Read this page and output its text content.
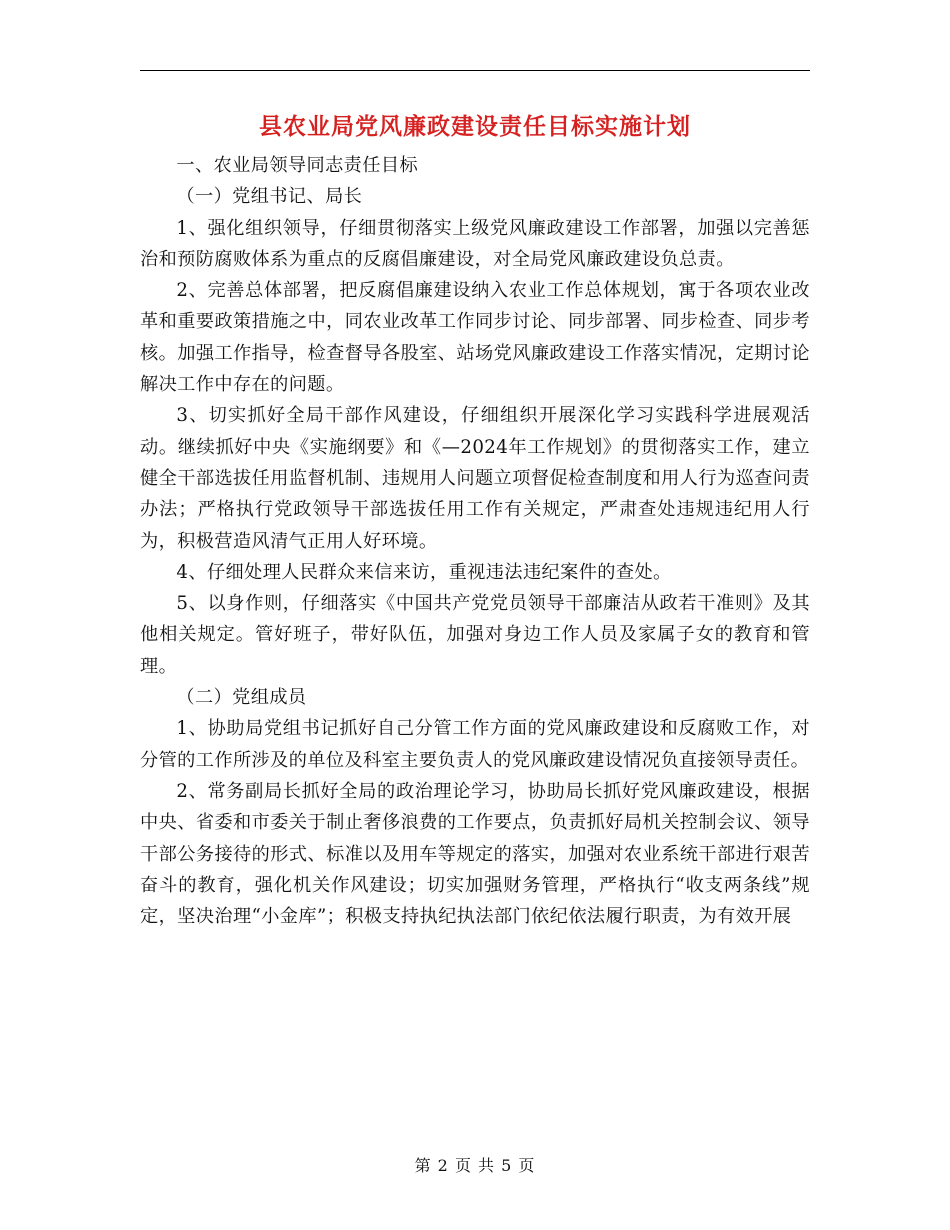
县农业局党风廉政建设责任目标实施计划

一、农业局领导同志责任目标

（一）党组书记、局长

1、强化组织领导，仔细贯彻落实上级党风廉政建设工作部署，加强以完善惩治和预防腐败体系为重点的反腐倡廉建设，对全局党风廉政建设负总责。

2、完善总体部署，把反腐倡廉建设纳入农业工作总体规划，寓于各项农业改革和重要政策措施之中，同农业改革工作同步讨论、同步部署、同步检查、同步考核。加强工作指导，检查督导各股室、站场党风廉政建设工作落实情况，定期讨论解决工作中存在的问题。

3、切实抓好全局干部作风建设，仔细组织开展深化学习实践科学进展观活动。继续抓好中央《实施纲要》和《—2024年工作规划》的贯彻落实工作，建立健全干部选拔任用监督机制、违规用人问题立项督促检查制度和用人行为巡查问责办法；严格执行党政领导干部选拔任用工作有关规定，严肃查处违规违纪用人行为，积极营造风清气正用人好环境。

4、仔细处理人民群众来信来访，重视违法违纪案件的查处。

5、以身作则，仔细落实《中国共产党党员领导干部廉洁从政若干准则》及其他相关规定。管好班子，带好队伍，加强对身边工作人员及家属子女的教育和管理。

（二）党组成员

1、协助局党组书记抓好自己分管工作方面的党风廉政建设和反腐败工作，对分管的工作所涉及的单位及科室主要负责人的党风廉政建设情况负直接领导责任。

2、常务副局长抓好全局的政治理论学习，协助局长抓好党风廉政建设，根据中央、省委和市委关于制止奢侈浪费的工作要点，负责抓好局机关控制会议、领导干部公务接待的形式、标准以及用车等规定的落实，加强对农业系统干部进行艰苦奋斗的教育，强化机关作风建设；切实加强财务管理，严格执行“收支两条线”规定，坚决治理“小金库”；积极支持执纪执法部门依纪依法履行职责，为有效开展

第 2 页 共 5 页
